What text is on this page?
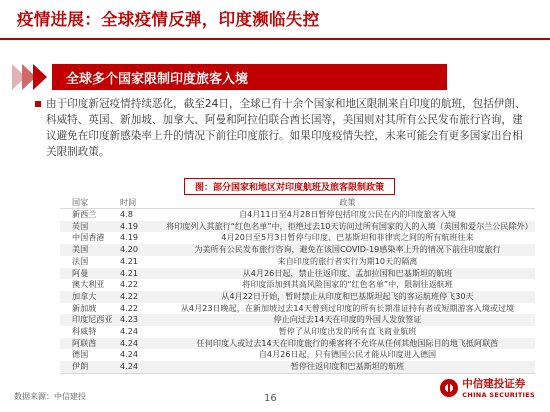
疫情进展：全球疫情反弹，印度濒临失控
全球多个国家限制印度旅客入境

由于印度新冠疫情持续恶化，截至24日，全球已有十余个国家和地区限制来自印度的航班，包括伊朗、科威特、英国、新加坡、加拿大、阿曼和阿拉伯联合酋长国等，美国则对其所有公民发布旅行咨询，建议避免在印度新感染率上升的情况下前往印度旅行。如果印度疫情失控，未来可能会有更多国家出台相关限制政策。

图：部分国家和地区对印度航班及旅客限制政策
国家	时间	政策
新西兰	4.8	自4月11日至4月28日暂停包括印度公民在内的印度旅客入境
英国	4.19	将印度列入其旅行“红色名单”中，拒绝过去10天访问过所有国家的人的入境（英国和爱尔兰公民除外）
中国香港	4.19	4月20日至5月3日暂停与印度、巴基斯坦和菲律宾之间的所有航班往来
美国	4.20	为美所有公民发布旅行咨询，避免在该国COVID-19感染率上升的情况下前往印度旅行
法国	4.21	来自印度的旅行者实行为期10天的隔离
阿曼	4.21	从4月26日起，禁止往返印度、孟加拉国和巴基斯坦的航班
澳大利亚	4.22	将印度添加到其高风险国家的“红色名单”中，限制往返航班
加拿大	4.22	从4月22日开始，暂时禁止从印度和巴基斯坦起飞的客运航班停飞30天
新加坡	4.22	从4月23日晚起，在新加坡过去14天曾到过印度的所有长期准证持有者或短期游客入境或过境
印度尼西亚 4.23	停止向过去14天在印度的外国人发放签证
科威特	4.24	暂停了从印度出发的所有直飞商业航班
阿联酋	4.24	任何印度人或过去14天在印度旅行的乘客将不允许从任何其他国际目的地飞抵阿联酋
德国	4.24	自4月26日起，只有德国公民才能从印度进入德国
伊朗	4.24	暂停往返印度和巴基斯坦的航班
数据来源：中信建投	16
中信建投证券
CHINA SECURITIES
